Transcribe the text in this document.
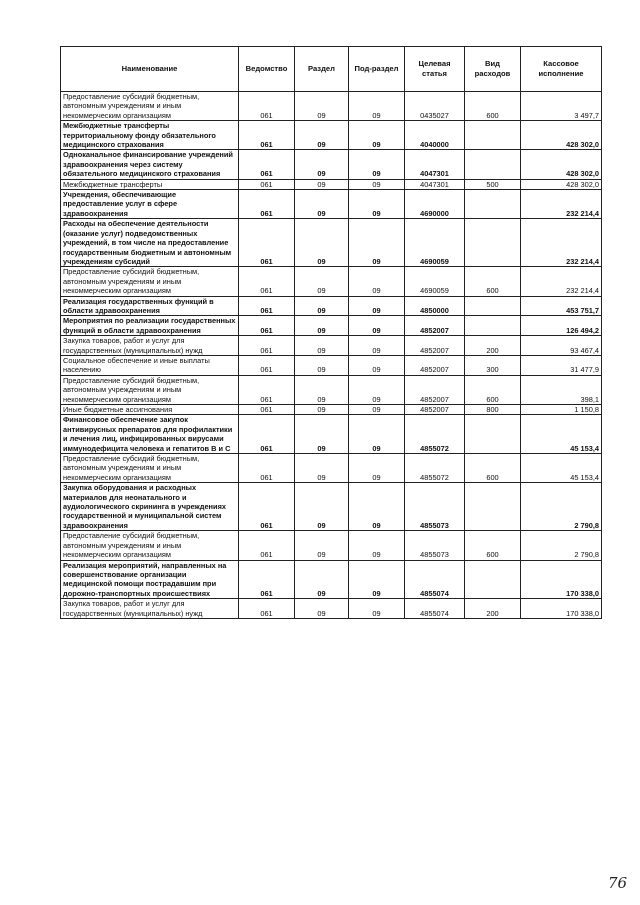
Наименование	Ведомство	Раздел	Под-раздел	Целевая статья	Вид расходов	Кассовое исполнение
Предоставление субсидий бюджетным, автономным учреждениям и иным некоммерческим организациям	061	09	09	0435027	600	3 497,7
Межбюджетные трансферты территориальному фонду обязательного медицинского страхования	061	09	09	4040000		428 302,0
Одноканальное финансирование учреждений здравоохранения через систему обязательного медицинского страхования	061	09	09	4047301		428 302,0
Межбюджетные трансферты	061	09	09	4047301	500	428 302,0
Учреждения, обеспечивающие предоставление услуг в сфере здравоохранения	061	09	09	4690000		232 214,4
Расходы на обеспечение деятельности (оказание услуг) подведомственных учреждений, в том числе на предоставление государственным бюджетным и автономным учреждениям субсидий	061	09	09	4690059		232 214,4
Предоставление субсидий бюджетным, автономным учреждениям и иным некоммерческим организациям	061	09	09	4690059	600	232 214,4
Реализация государственных функций в области здравоохранения	061	09	09	4850000		453 751,7
Мероприятия по реализации государственных функций в области здравоохранения	061	09	09	4852007		126 494,2
Закупка товаров, работ и услуг для государственных (муниципальных) нужд	061	09	09	4852007	200	93 467,4
Социальное обеспечение и иные выплаты населению	061	09	09	4852007	300	31 477,9
Предоставление субсидий бюджетным, автономным учреждениям и иным некоммерческим организациям	061	09	09	4852007	600	398,1
Иные бюджетные ассигнования	061	09	09	4852007	800	1 150,8
Финансовое обеспечение закупок антивирусных препаратов для профилактики и лечения лиц, инфицированных вирусами иммунодефицита человека и гепатитов В и С	061	09	09	4855072		45 153,4
Предоставление субсидий бюджетным, автономным учреждениям и иным некоммерческим организациям	061	09	09	4855072	600	45 153,4
Закупка оборудования и расходных материалов для неонатального и аудиологического скрининга в учреждениях государственной и муниципальной систем здравоохранения	061	09	09	4855073		2 790,8
Предоставление субсидий бюджетным, автономным учреждениям и иным некоммерческим организациям	061	09	09	4855073	600	2 790,8
Реализация мероприятий, направленных на совершенствование организации медицинской помощи пострадавшим при дорожно-транспортных происшествиях	061	09	09	4855074		170 338,0
Закупка товаров, работ и услуг для государственных (муниципальных) нужд	061	09	09	4855074	200	170 338,0
76
